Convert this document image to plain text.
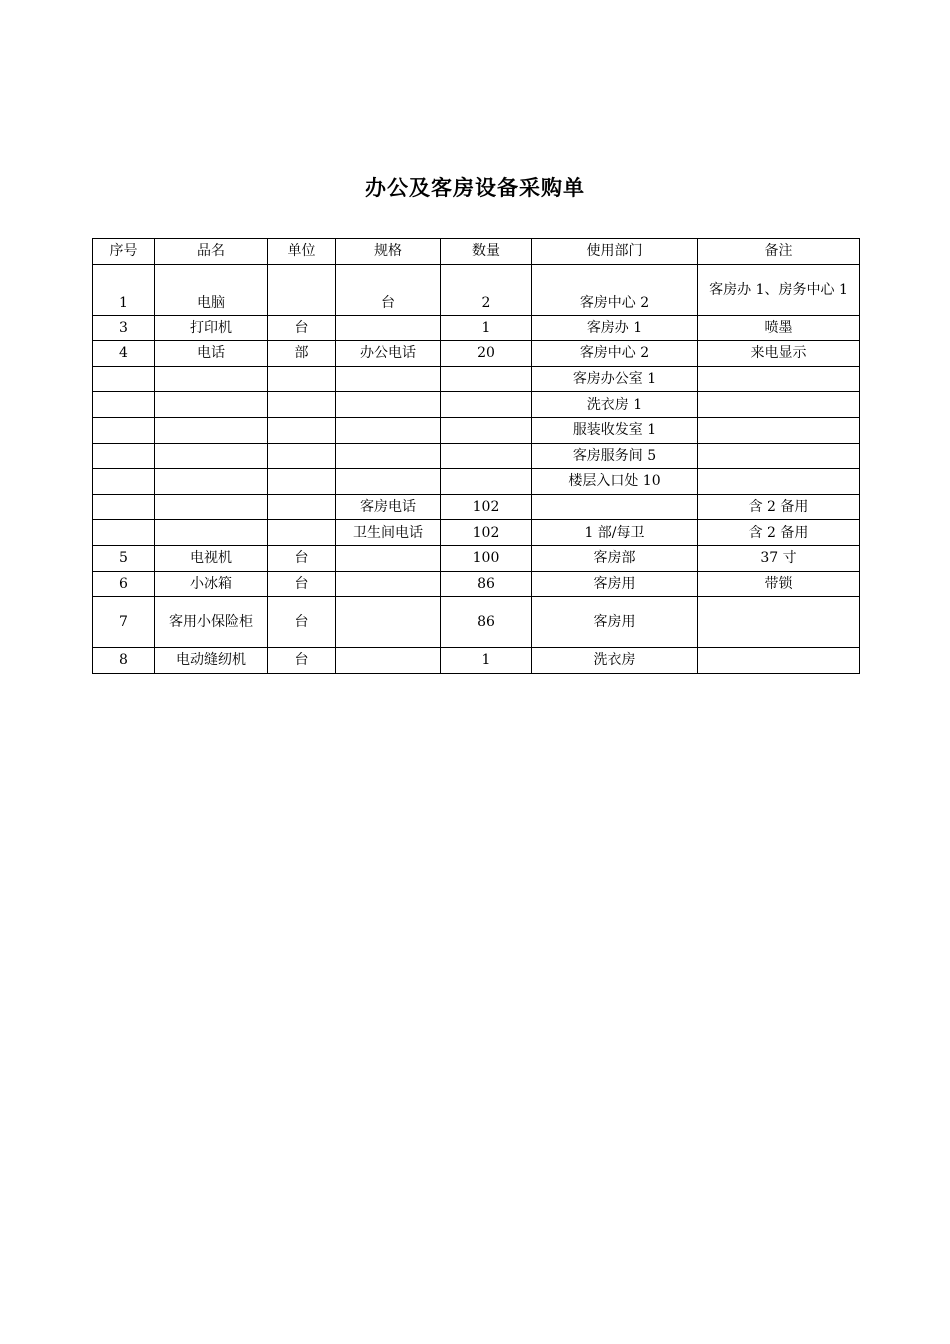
办公及客房设备采购单
序号	品名	单位	规格	数量	使用部门	备注
1	电脑		台	2	客房中心 2	客房办 1、房务中心 1
3	打印机	台		1	客房办 1	喷墨
4	电话	部	办公电话	20	客房中心 2	来电显示
					客房办公室 1	
					洗衣房 1	
					服装收发室 1	
					客房服务间 5	
					楼层入口处 10	
			客房电话	102		含 2 备用
			卫生间电话	102	1 部/每卫	含 2 备用
5	电视机	台		100	客房部	37 寸
6	小冰箱	台		86	客房用	带锁
7	客用小保险柜	台		86	客房用	
8	电动缝纫机	台		1	洗衣房	
